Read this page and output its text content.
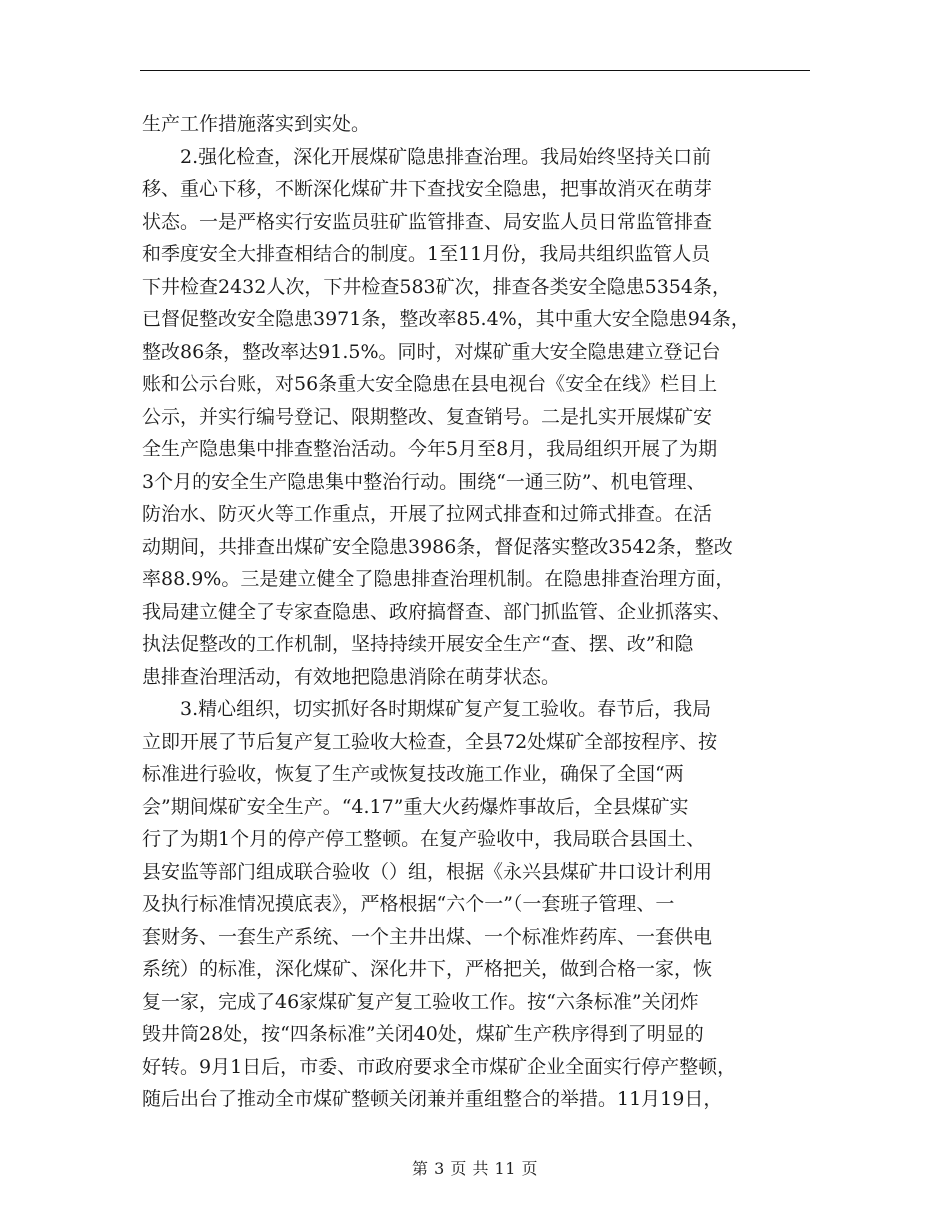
生产工作措施落实到实处。
2.强化检查，深化开展煤矿隐患排查治理。我局始终坚持关口前
移、重心下移，不断深化煤矿井下查找安全隐患，把事故消灭在萌芽
状态。一是严格实行安监员驻矿监管排查、局安监人员日常监管排查
和季度安全大排查相结合的制度。1至11月份，我局共组织监管人员
下井检查2432人次，下井检查583矿次，排查各类安全隐患5354条，
已督促整改安全隐患3971条，整改率85.4%，其中重大安全隐患94条，
整改86条，整改率达91.5%。同时，对煤矿重大安全隐患建立登记台
账和公示台账，对56条重大安全隐患在县电视台《安全在线》栏目上
公示，并实行编号登记、限期整改、复查销号。二是扎实开展煤矿安
全生产隐患集中排查整治活动。今年5月至8月，我局组织开展了为期
3个月的安全生产隐患集中整治行动。围绕“一通三防”、机电管理、
防治水、防灭火等工作重点，开展了拉网式排查和过筛式排查。在活
动期间，共排查出煤矿安全隐患3986条，督促落实整改3542条，整改
率88.9%。三是建立健全了隐患排查治理机制。在隐患排查治理方面，
我局建立健全了专家查隐患、政府搞督查、部门抓监管、企业抓落实、
执法促整改的工作机制，坚持持续开展安全生产“查、摆、改”和隐
患排查治理活动，有效地把隐患消除在萌芽状态。
3.精心组织，切实抓好各时期煤矿复产复工验收。春节后，我局
立即开展了节后复产复工验收大检查，全县72处煤矿全部按程序、按
标准进行验收，恢复了生产或恢复技改施工作业，确保了全国“两
会”期间煤矿安全生产。“4.17”重大火药爆炸事故后，全县煤矿实
行了为期1个月的停产停工整顿。在复产验收中，我局联合县国土、
县安监等部门组成联合验收（）组，根据《永兴县煤矿井口设计利用
及执行标准情况摸底表》，严格根据“六个一”（一套班子管理、一
套财务、一套生产系统、一个主井出煤、一个标准炸药库、一套供电
系统）的标准，深化煤矿、深化井下，严格把关，做到合格一家，恢
复一家，完成了46家煤矿复产复工验收工作。按“六条标准”关闭炸
毁井筒28处，按“四条标准”关闭40处，煤矿生产秩序得到了明显的
好转。9月1日后，市委、市政府要求全市煤矿企业全面实行停产整顿，
随后出台了推动全市煤矿整顿关闭兼并重组整合的举措。11月19日，
第 3 页 共 11 页
